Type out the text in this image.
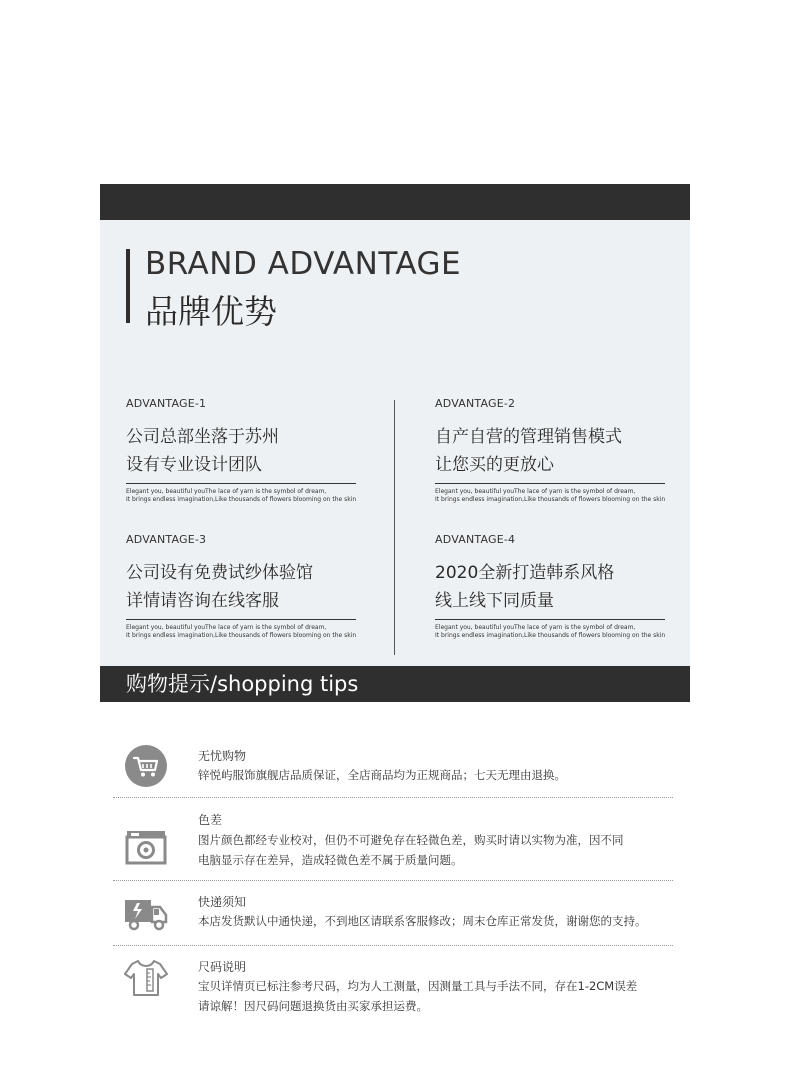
BRAND ADVANTAGE
品牌优势
ADVANTAGE-1
公司总部坐落于苏州
设有专业设计团队
Elegant you, beautiful youThe lace of yarn is the symbol of dream,
It brings endless imagination,Like thousands of flowers blooming on the skin
ADVANTAGE-2
自产自营的管理销售模式
让您买的更放心
Elegant you, beautiful youThe lace of yarn is the symbol of dream,
It brings endless imagination,Like thousands of flowers blooming on the skin
ADVANTAGE-3
公司设有免费试纱体验馆
详情请咨询在线客服
Elegant you, beautiful youThe lace of yarn is the symbol of dream,
It brings endless imagination,Like thousands of flowers blooming on the skin
ADVANTAGE-4
2020全新打造韩系风格
线上线下同质量
Elegant you, beautiful youThe lace of yarn is the symbol of dream,
It brings endless imagination,Like thousands of flowers blooming on the skin
购物提示/shopping tips
无忧购物
锌悦屿服饰旗舰店品质保证，全店商品均为正规商品；七天无理由退换。
色差
图片颜色都经专业校对，但仍不可避免存在轻微色差，购买时请以实物为准，因不同
电脑显示存在差异，造成轻微色差不属于质量问题。
快递须知
本店发货默认中通快递，不到地区请联系客服修改；周末仓库正常发货，谢谢您的支持。
尺码说明
宝贝详情页已标注参考尺码，均为人工测量，因测量工具与手法不同，存在1-2CM误差
请谅解！因尺码问题退换货由买家承担运费。
